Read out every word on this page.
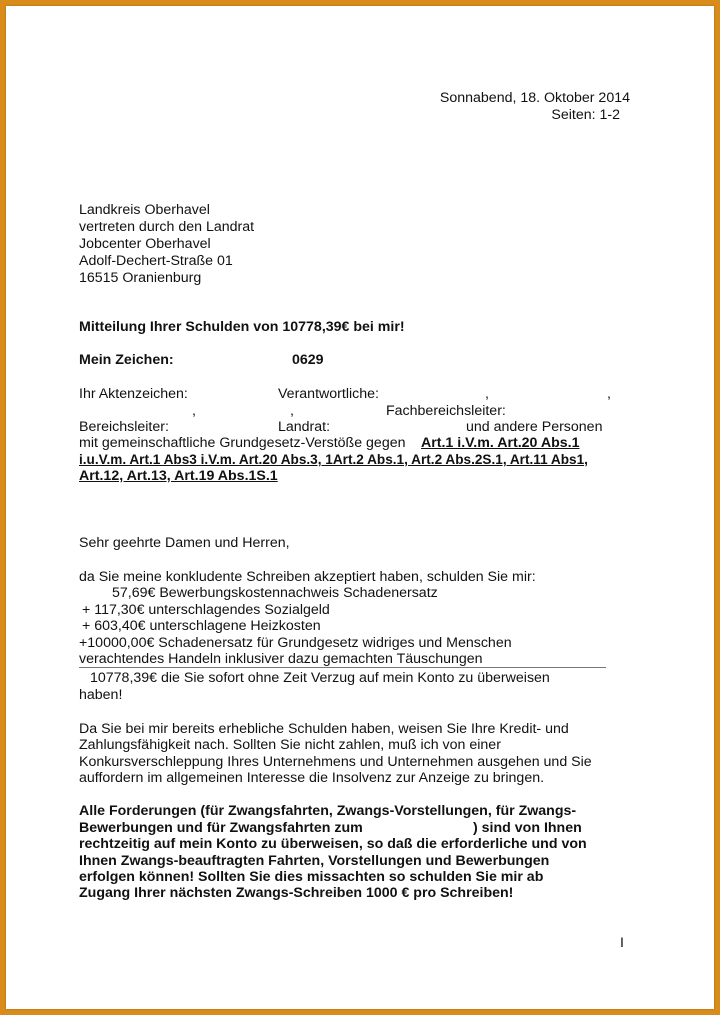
Sonnabend, 18. Oktober 2014
Seiten: 1-2
Landkreis Oberhavel
vertreten durch den Landrat
Jobcenter Oberhavel
Adolf-Dechert-Straße 01
16515 Oranienburg
Mitteilung Ihrer Schulden von 10778,39€ bei mir!
Mein Zeichen:	0629
Ihr Aktenzeichen:	Verantwortliche:	,	,
,	,	Fachbereichsleiter:
Bereichsleiter:	Landrat:	und andere Personen
mit gemeinschaftliche Grundgesetz-Verstöße gegen Art.1 i.V.m. Art.20 Abs.1
i.u.V.m. Art.1 Abs3 i.V.m. Art.20 Abs.3, 1Art.2 Abs.1, Art.2 Abs.2S.1, Art.11 Abs1,
Art.12, Art.13, Art.19 Abs.1S.1
Sehr geehrte Damen und Herren,
da Sie meine konkludente Schreiben akzeptiert haben, schulden Sie mir:
57,69€ Bewerbungskostennachweis Schadenersatz
+ 117,30€ unterschlagendes Sozialgeld
+ 603,40€ unterschlagene Heizkosten
+10000,00€ Schadenersatz für Grundgesetz widriges und Menschen
verachtendes Handeln inklusiver dazu gemachten Täuschungen
10778,39€ die Sie sofort ohne Zeit Verzug auf mein Konto zu überweisen
haben!
Da Sie bei mir bereits erhebliche Schulden haben, weisen Sie Ihre Kredit- und
Zahlungsfähigkeit nach. Sollten Sie nicht zahlen, muß ich von einer
Konkursverschleppung Ihres Unternehmens und Unternehmen ausgehen und Sie
auffordern im allgemeinen Interesse die Insolvenz zur Anzeige zu bringen.
Alle Forderungen (für Zwangsfahrten, Zwangs-Vorstellungen, für Zwangs-
Bewerbungen und für Zwangsfahrten zum	) sind von Ihnen
rechtzeitig auf mein Konto zu überweisen, so daß die erforderliche und von
Ihnen Zwangs-beauftragten Fahrten, Vorstellungen und Bewerbungen
erfolgen können! Sollten Sie dies missachten so schulden Sie mir ab
Zugang Ihrer nächsten Zwangs-Schreiben 1000 € pro Schreiben!
I
